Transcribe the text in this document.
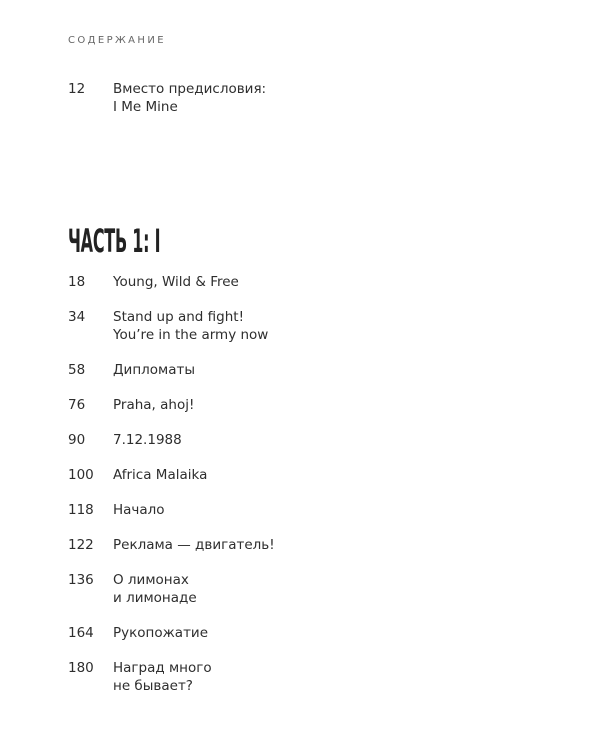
СОДЕРЖАНИЕ
12	Вместо предисловия:
I Me Mine
ЧАСТЬ 1: I
18	Young, Wild & Free
34	Stand up and fight!
You’re in the army now
58	Дипломаты
76	Praha, ahoj!
90	7.12.1988
100	Africa Malaika
118	Начало
122	Реклама — двигатель!
136	О лимонах
и лимонаде
164	Рукопожатие
180	Наград много
не бывает?
